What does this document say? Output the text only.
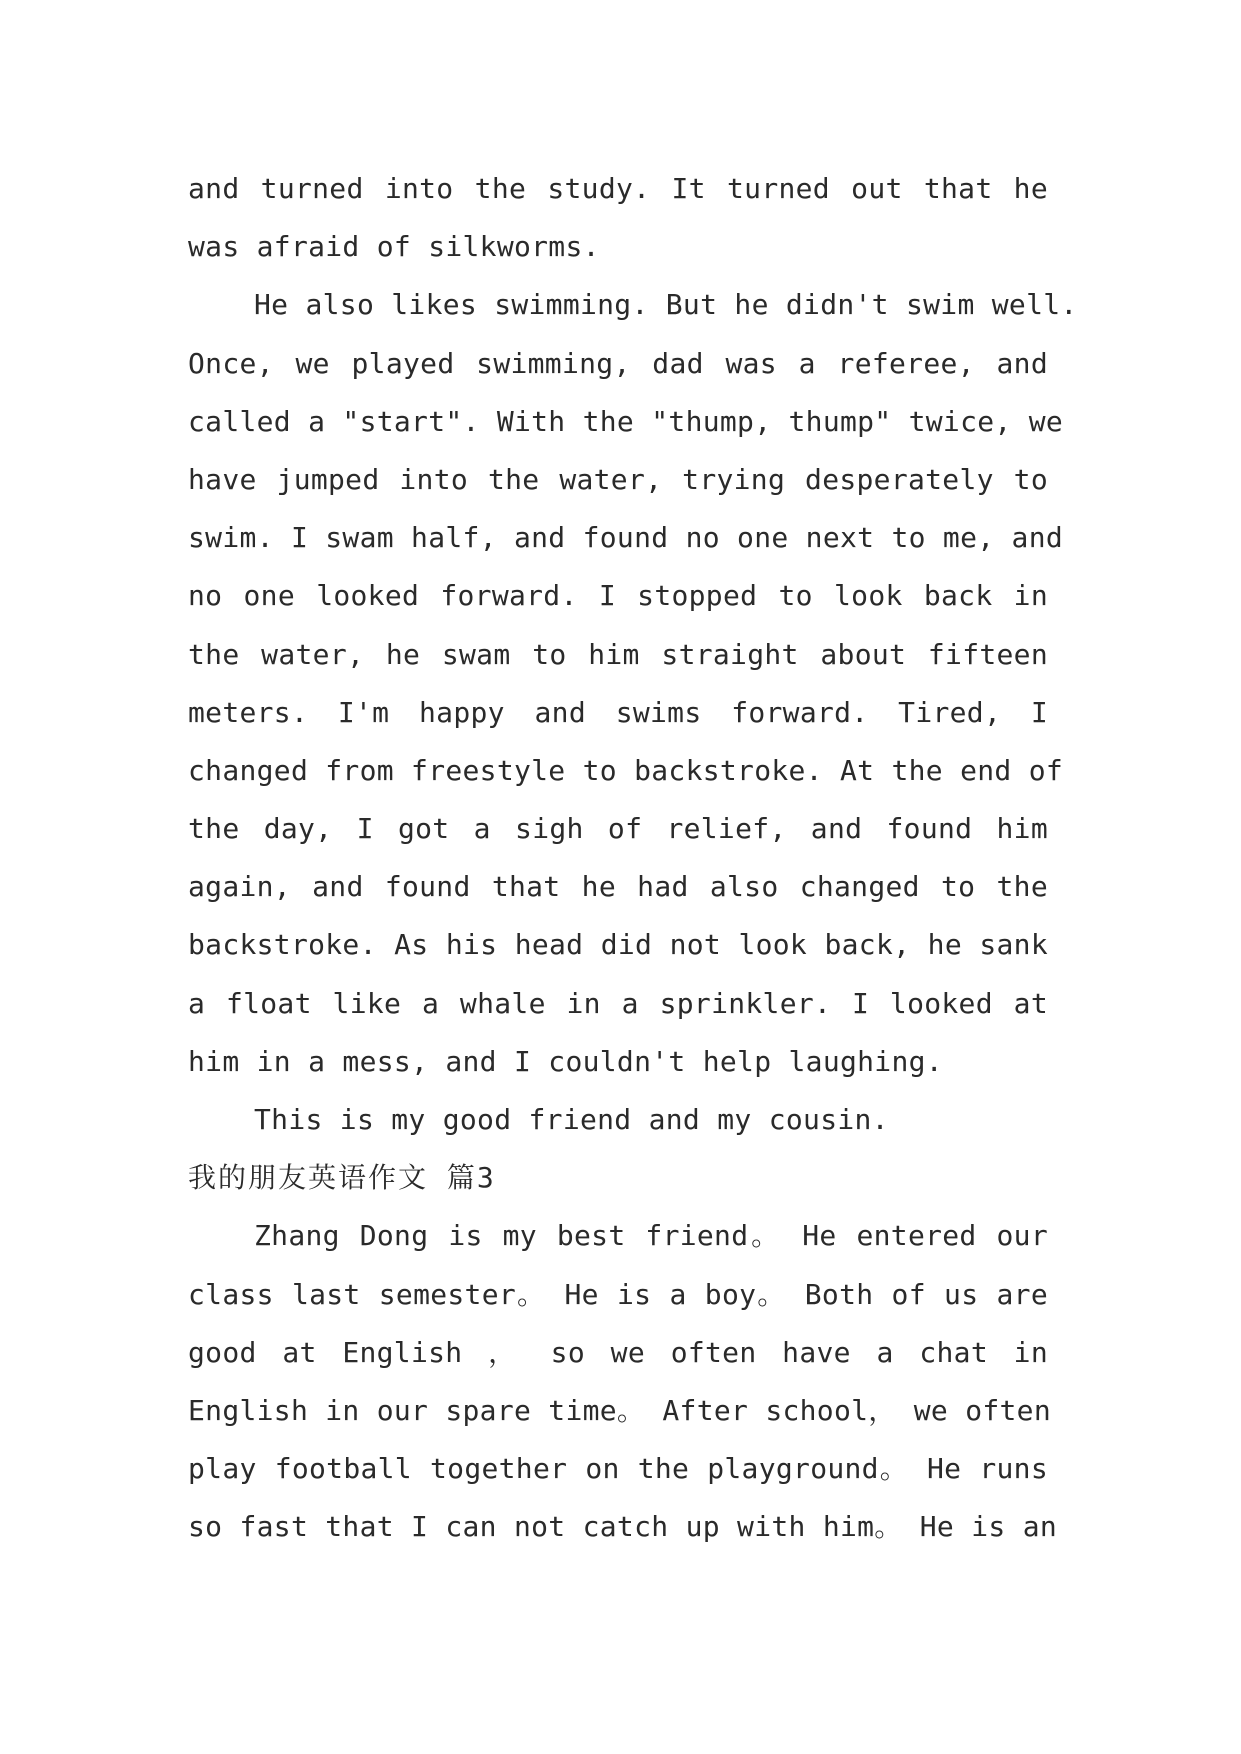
and turned into the study. It turned out that he
was afraid of silkworms.
He also likes swimming. But he didn't swim well.
Once, we played swimming, dad was a referee, and
called a "start". With the "thump, thump" twice, we
have jumped into the water, trying desperately to
swim. I swam half, and found no one next to me, and
no one looked forward. I stopped to look back in
the water, he swam to him straight about fifteen
meters. I'm happy and swims forward. Tired, I
changed from freestyle to backstroke. At the end of
the day, I got a sigh of relief, and found him
again, and found that he had also changed to the
backstroke. As his head did not look back, he sank
a float like a whale in a sprinkler. I looked at
him in a mess, and I couldn't help laughing.
This is my good friend and my cousin.
我的朋友英语作文 篇3
Zhang Dong is my best friend。 He entered our
class last semester。 He is a boy。 Both of us are
good at English ， so we often have a chat in
English in our spare time。 After school， we often
play football together on the playground。 He runs
so fast that I can not catch up with him。 He is an
